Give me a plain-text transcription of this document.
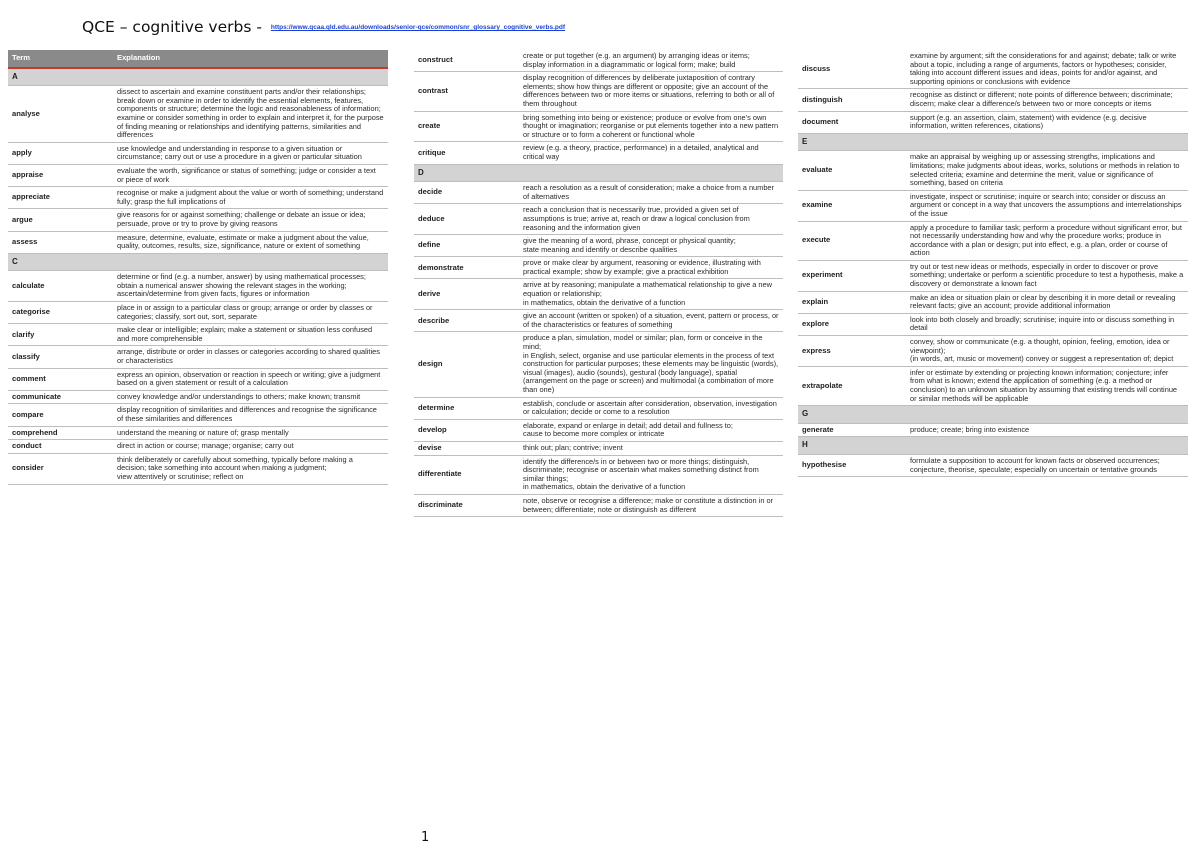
QCE – cognitive verbs - https://www.qcaa.qld.edu.au/downloads/senior-qce/common/snr_glossary_cognitive_verbs.pdf
Term	Explanation
A	
analyse	dissect to ascertain and examine constituent parts and/or their relationships; break down or examine in order to identify the essential elements, features, components or structure; determine the logic and reasonableness of information;
examine or consider something in order to explain and interpret it, for the purpose of finding meaning or relationships and identifying patterns, similarities and differences
apply	use knowledge and understanding in response to a given situation or circumstance; carry out or use a procedure in a given or particular situation
appraise	evaluate the worth, significance or status of something; judge or consider a text or piece of work
appreciate	recognise or make a judgment about the value or worth of something; understand fully; grasp the full implications of
argue	give reasons for or against something; challenge or debate an issue or idea; persuade, prove or try to prove by giving reasons
assess	measure, determine, evaluate, estimate or make a judgment about the value, quality, outcomes, results, size, significance, nature or extent of something
C	
calculate	determine or find (e.g. a number, answer) by using mathematical processes; obtain a numerical answer showing the relevant stages in the working; ascertain/determine from given facts, figures or information
categorise	place in or assign to a particular class or group; arrange or order by classes or categories; classify, sort out, sort, separate
clarify	make clear or intelligible; explain; make a statement or situation less confused and more comprehensible
classify	arrange, distribute or order in classes or categories according to shared qualities or characteristics
comment	express an opinion, observation or reaction in speech or writing; give a judgment based on a given statement or result of a calculation
communicate	convey knowledge and/or understandings to others; make known; transmit
compare	display recognition of similarities and differences and recognise the significance of these similarities and differences
comprehend	understand the meaning or nature of; grasp mentally
conduct	direct in action or course; manage; organise; carry out
consider	think deliberately or carefully about something, typically before making a decision; take something into account when making a judgment;
view attentively or scrutinise; reflect on
construct	create or put together (e.g. an argument) by arranging ideas or items;
display information in a diagrammatic or logical form; make; build
contrast	display recognition of differences by deliberate juxtaposition of contrary elements; show how things are different or opposite; give an account of the differences between two or more items or situations, referring to both or all of them throughout
create	bring something into being or existence; produce or evolve from one's own thought or imagination; reorganise or put elements together into a new pattern or structure or to form a coherent or functional whole
critique	review (e.g. a theory, practice, performance) in a detailed, analytical and critical way
D	
decide	reach a resolution as a result of consideration; make a choice from a number of alternatives
deduce	reach a conclusion that is necessarily true, provided a given set of assumptions is true; arrive at, reach or draw a logical conclusion from reasoning and the information given
define	give the meaning of a word, phrase, concept or physical quantity;
state meaning and identify or describe qualities
demonstrate	prove or make clear by argument, reasoning or evidence, illustrating with practical example; show by example; give a practical exhibition
derive	arrive at by reasoning; manipulate a mathematical relationship to give a new equation or relationship;
in mathematics, obtain the derivative of a function
describe	give an account (written or spoken) of a situation, event, pattern or process, or of the characteristics or features of something
design	produce a plan, simulation, model or similar; plan, form or conceive in the mind;
in English, select, organise and use particular elements in the process of text construction for particular purposes; these elements may be linguistic (words), visual (images), audio (sounds), gestural (body language), spatial (arrangement on the page or screen) and multimodal (a combination of more than one)
determine	establish, conclude or ascertain after consideration, observation, investigation or calculation; decide or come to a resolution
develop	elaborate, expand or enlarge in detail; add detail and fullness to;
cause to become more complex or intricate
devise	think out; plan; contrive; invent
differentiate	identify the difference/s in or between two or more things; distinguish, discriminate; recognise or ascertain what makes something distinct from similar things;
in mathematics, obtain the derivative of a function
discriminate	note, observe or recognise a difference; make or constitute a distinction in or between; differentiate; note or distinguish as different
discuss	examine by argument; sift the considerations for and against; debate; talk or write about a topic, including a range of arguments, factors or hypotheses; consider, taking into account different issues and ideas, points for and/or against, and supporting opinions or conclusions with evidence
distinguish	recognise as distinct or different; note points of difference between; discriminate; discern; make clear a difference/s between two or more concepts or items
document	support (e.g. an assertion, claim, statement) with evidence (e.g. decisive information, written references, citations)
E	
evaluate	make an appraisal by weighing up or assessing strengths, implications and limitations; make judgments about ideas, works, solutions or methods in relation to selected criteria; examine and determine the merit, value or significance of something, based on criteria
examine	investigate, inspect or scrutinise; inquire or search into; consider or discuss an argument or concept in a way that uncovers the assumptions and interrelationships of the issue
execute	apply a procedure to familiar task; perform a procedure without significant error, but not necessarily understanding how and why the procedure works; produce in accordance with a plan or design; put into effect, e.g. a plan, order or course of action
experiment	try out or test new ideas or methods, especially in order to discover or prove something; undertake or perform a scientific procedure to test a hypothesis, make a discovery or demonstrate a known fact
explain	make an idea or situation plain or clear by describing it in more detail or revealing relevant facts; give an account; provide additional information
explore	look into both closely and broadly; scrutinise; inquire into or discuss something in detail
express	convey, show or communicate (e.g. a thought, opinion, feeling, emotion, idea or viewpoint);
(in words, art, music or movement) convey or suggest a representation of; depict
extrapolate	infer or estimate by extending or projecting known information; conjecture; infer from what is known; extend the application of something (e.g. a method or conclusion) to an unknown situation by assuming that existing trends will continue or similar methods will be applicable
G	
generate	produce; create; bring into existence
H	
hypothesise	formulate a supposition to account for known facts or observed occurrences; conjecture, theorise, speculate; especially on uncertain or tentative grounds
1
